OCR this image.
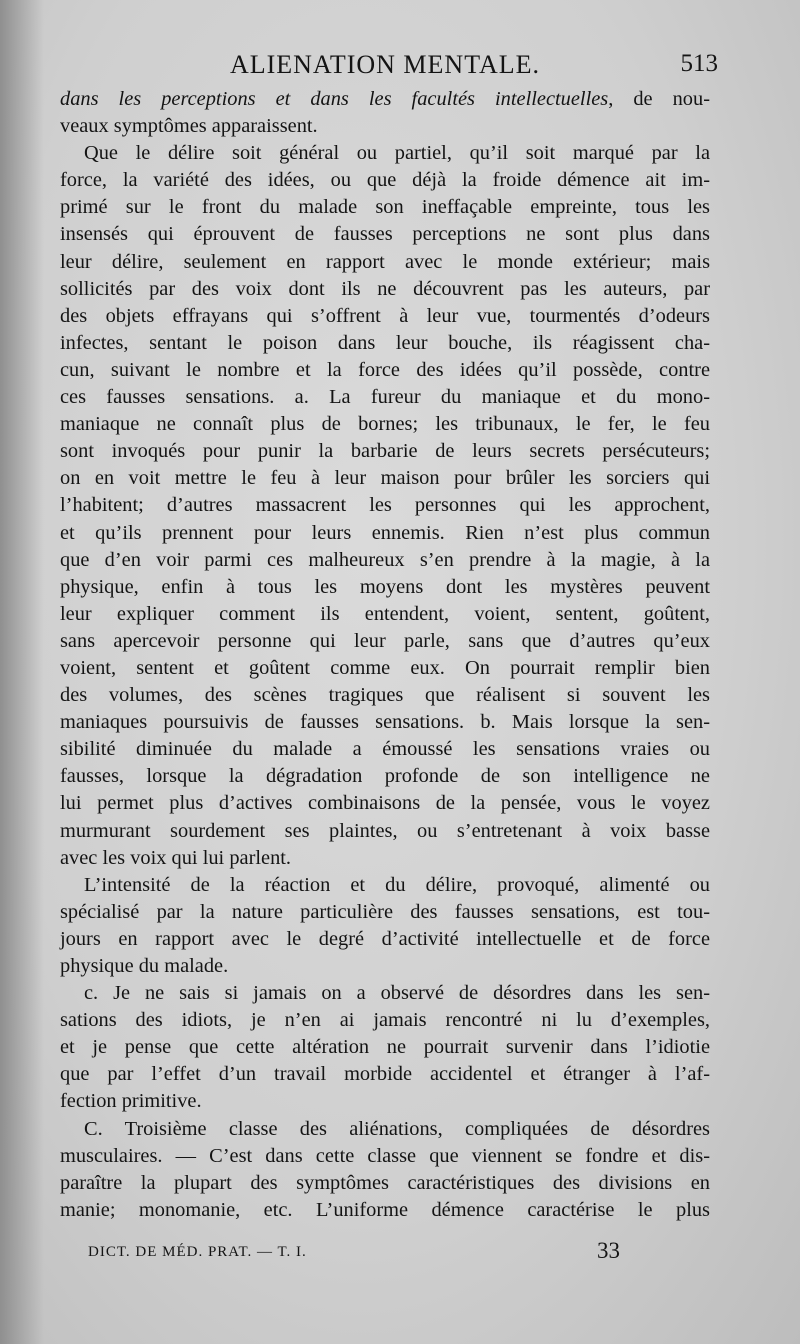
ALIENATION MENTALE.	513
dans les perceptions et dans les facultés intellectuelles, de nou-
veaux symptômes apparaissent.
Que le délire soit général ou partiel, qu’il soit marqué par la
force, la variété des idées, ou que déjà la froide démence ait im-
primé sur le front du malade son ineffaçable empreinte, tous les
insensés qui éprouvent de fausses perceptions ne sont plus dans
leur délire, seulement en rapport avec le monde extérieur; mais
sollicités par des voix dont ils ne découvrent pas les auteurs, par
des objets effrayans qui s’offrent à leur vue, tourmentés d’odeurs
infectes, sentant le poison dans leur bouche, ils réagissent cha-
cun, suivant le nombre et la force des idées qu’il possède, contre
ces fausses sensations. a. La fureur du maniaque et du mono-
maniaque ne connaît plus de bornes; les tribunaux, le fer, le feu
sont invoqués pour punir la barbarie de leurs secrets persécuteurs;
on en voit mettre le feu à leur maison pour brûler les sorciers qui
l’habitent; d’autres massacrent les personnes qui les approchent,
et qu’ils prennent pour leurs ennemis. Rien n’est plus commun
que d’en voir parmi ces malheureux s’en prendre à la magie, à la
physique, enfin à tous les moyens dont les mystères peuvent
leur expliquer comment ils entendent, voient, sentent, goûtent,
sans apercevoir personne qui leur parle, sans que d’autres qu’eux
voient, sentent et goûtent comme eux. On pourrait remplir bien
des volumes, des scènes tragiques que réalisent si souvent les
maniaques poursuivis de fausses sensations. b. Mais lorsque la sen-
sibilité diminuée du malade a émoussé les sensations vraies ou
fausses, lorsque la dégradation profonde de son intelligence ne
lui permet plus d’actives combinaisons de la pensée, vous le voyez
murmurant sourdement ses plaintes, ou s’entretenant à voix basse
avec les voix qui lui parlent.
L’intensité de la réaction et du délire, provoqué, alimenté ou
spécialisé par la nature particulière des fausses sensations, est tou-
jours en rapport avec le degré d’activité intellectuelle et de force
physique du malade.
c. Je ne sais si jamais on a observé de désordres dans les sen-
sations des idiots, je n’en ai jamais rencontré ni lu d’exemples,
et je pense que cette altération ne pourrait survenir dans l’idiotie
que par l’effet d’un travail morbide accidentel et étranger à l’af-
fection primitive.
C. Troisième classe des aliénations, compliquées de désordres
musculaires. — C’est dans cette classe que viennent se fondre et dis-
paraître la plupart des symptômes caractéristiques des divisions en
manie; monomanie, etc. L’uniforme démence caractérise le plus
DICT. DE MÉD. PRAT. — T. I.	33
